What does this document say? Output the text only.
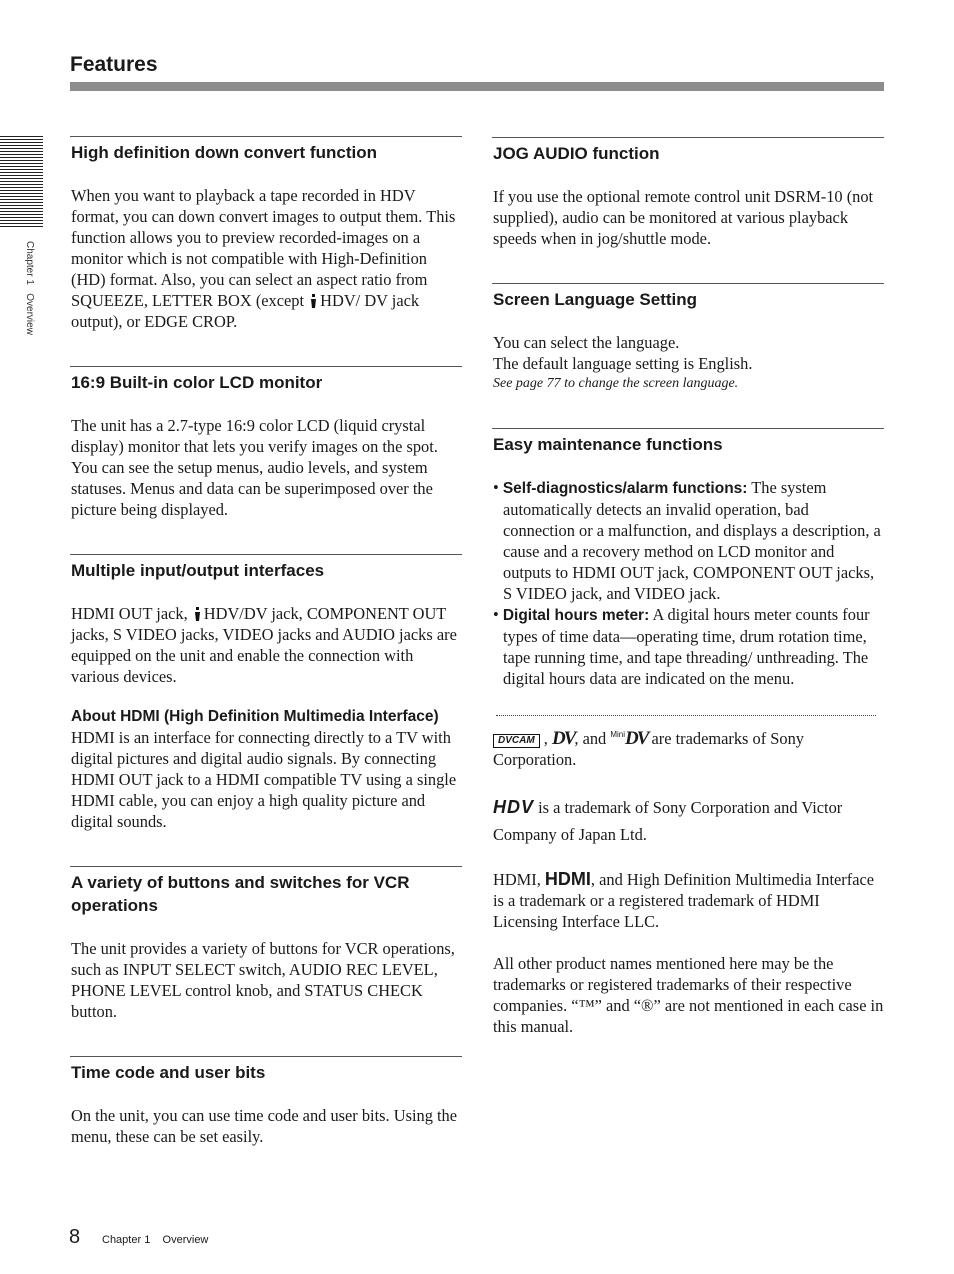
Features
Chapter 1   Overview
High definition down convert function
When you want to playback a tape recorded in HDV format, you can down convert images to output them. This function allows you to preview recorded-images on a monitor which is not compatible with High-Definition (HD) format. Also, you can select an aspect ratio from SQUEEZE, LETTER BOX (except HDV/ DV jack output), or EDGE CROP.
16:9 Built-in color LCD monitor
The unit has a 2.7-type 16:9 color LCD (liquid crystal display) monitor that lets you verify images on the spot. You can see the setup menus, audio levels, and system statuses. Menus and data can be superimposed over the picture being displayed.
Multiple input/output interfaces
HDMI OUT jack, HDV/DV jack, COMPONENT OUT jacks, S VIDEO jacks, VIDEO jacks and AUDIO jacks are equipped on the unit and enable the connection with various devices.
About HDMI (High Definition Multimedia Interface)
HDMI is an interface for connecting directly to a TV with digital pictures and digital audio signals. By connecting HDMI OUT jack to a HDMI compatible TV using a single HDMI cable, you can enjoy a high quality picture and digital sounds.
A variety of buttons and switches for VCR operations
The unit provides a variety of buttons for VCR operations, such as INPUT SELECT switch, AUDIO REC LEVEL, PHONE LEVEL control knob, and STATUS CHECK button.
Time code and user bits
On the unit, you can use time code and user bits. Using the menu, these can be set easily.
JOG AUDIO function
If you use the optional remote control unit DSRM-10 (not supplied), audio can be monitored at various playback speeds when in jog/shuttle mode.
Screen Language Setting
You can select the language.
The default language setting is English.
See page 77 to change the screen language.
Easy maintenance functions
• Self-diagnostics/alarm functions: The system automatically detects an invalid operation, bad connection or a malfunction, and displays a description, a cause and a recovery method on LCD monitor and outputs to HDMI OUT jack, COMPONENT OUT jacks, S VIDEO jack, and VIDEO jack.
• Digital hours meter: A digital hours meter counts four types of time data—operating time, drum rotation time, tape running time, and tape threading/ unthreading. The digital hours data are indicated on the menu.
DVCAM , DV, and $^{Mini}$DV are trademarks of Sony Corporation.
HDV is a trademark of Sony Corporation and Victor Company of Japan Ltd.
HDMI, HDMI, and High Definition Multimedia Interface is a trademark or a registered trademark of HDMI Licensing Interface LLC.
All other product names mentioned here may be the trademarks or registered trademarks of their respective companies. “™” and “®” are not mentioned in each case in this manual.
8 Chapter 1    Overview
